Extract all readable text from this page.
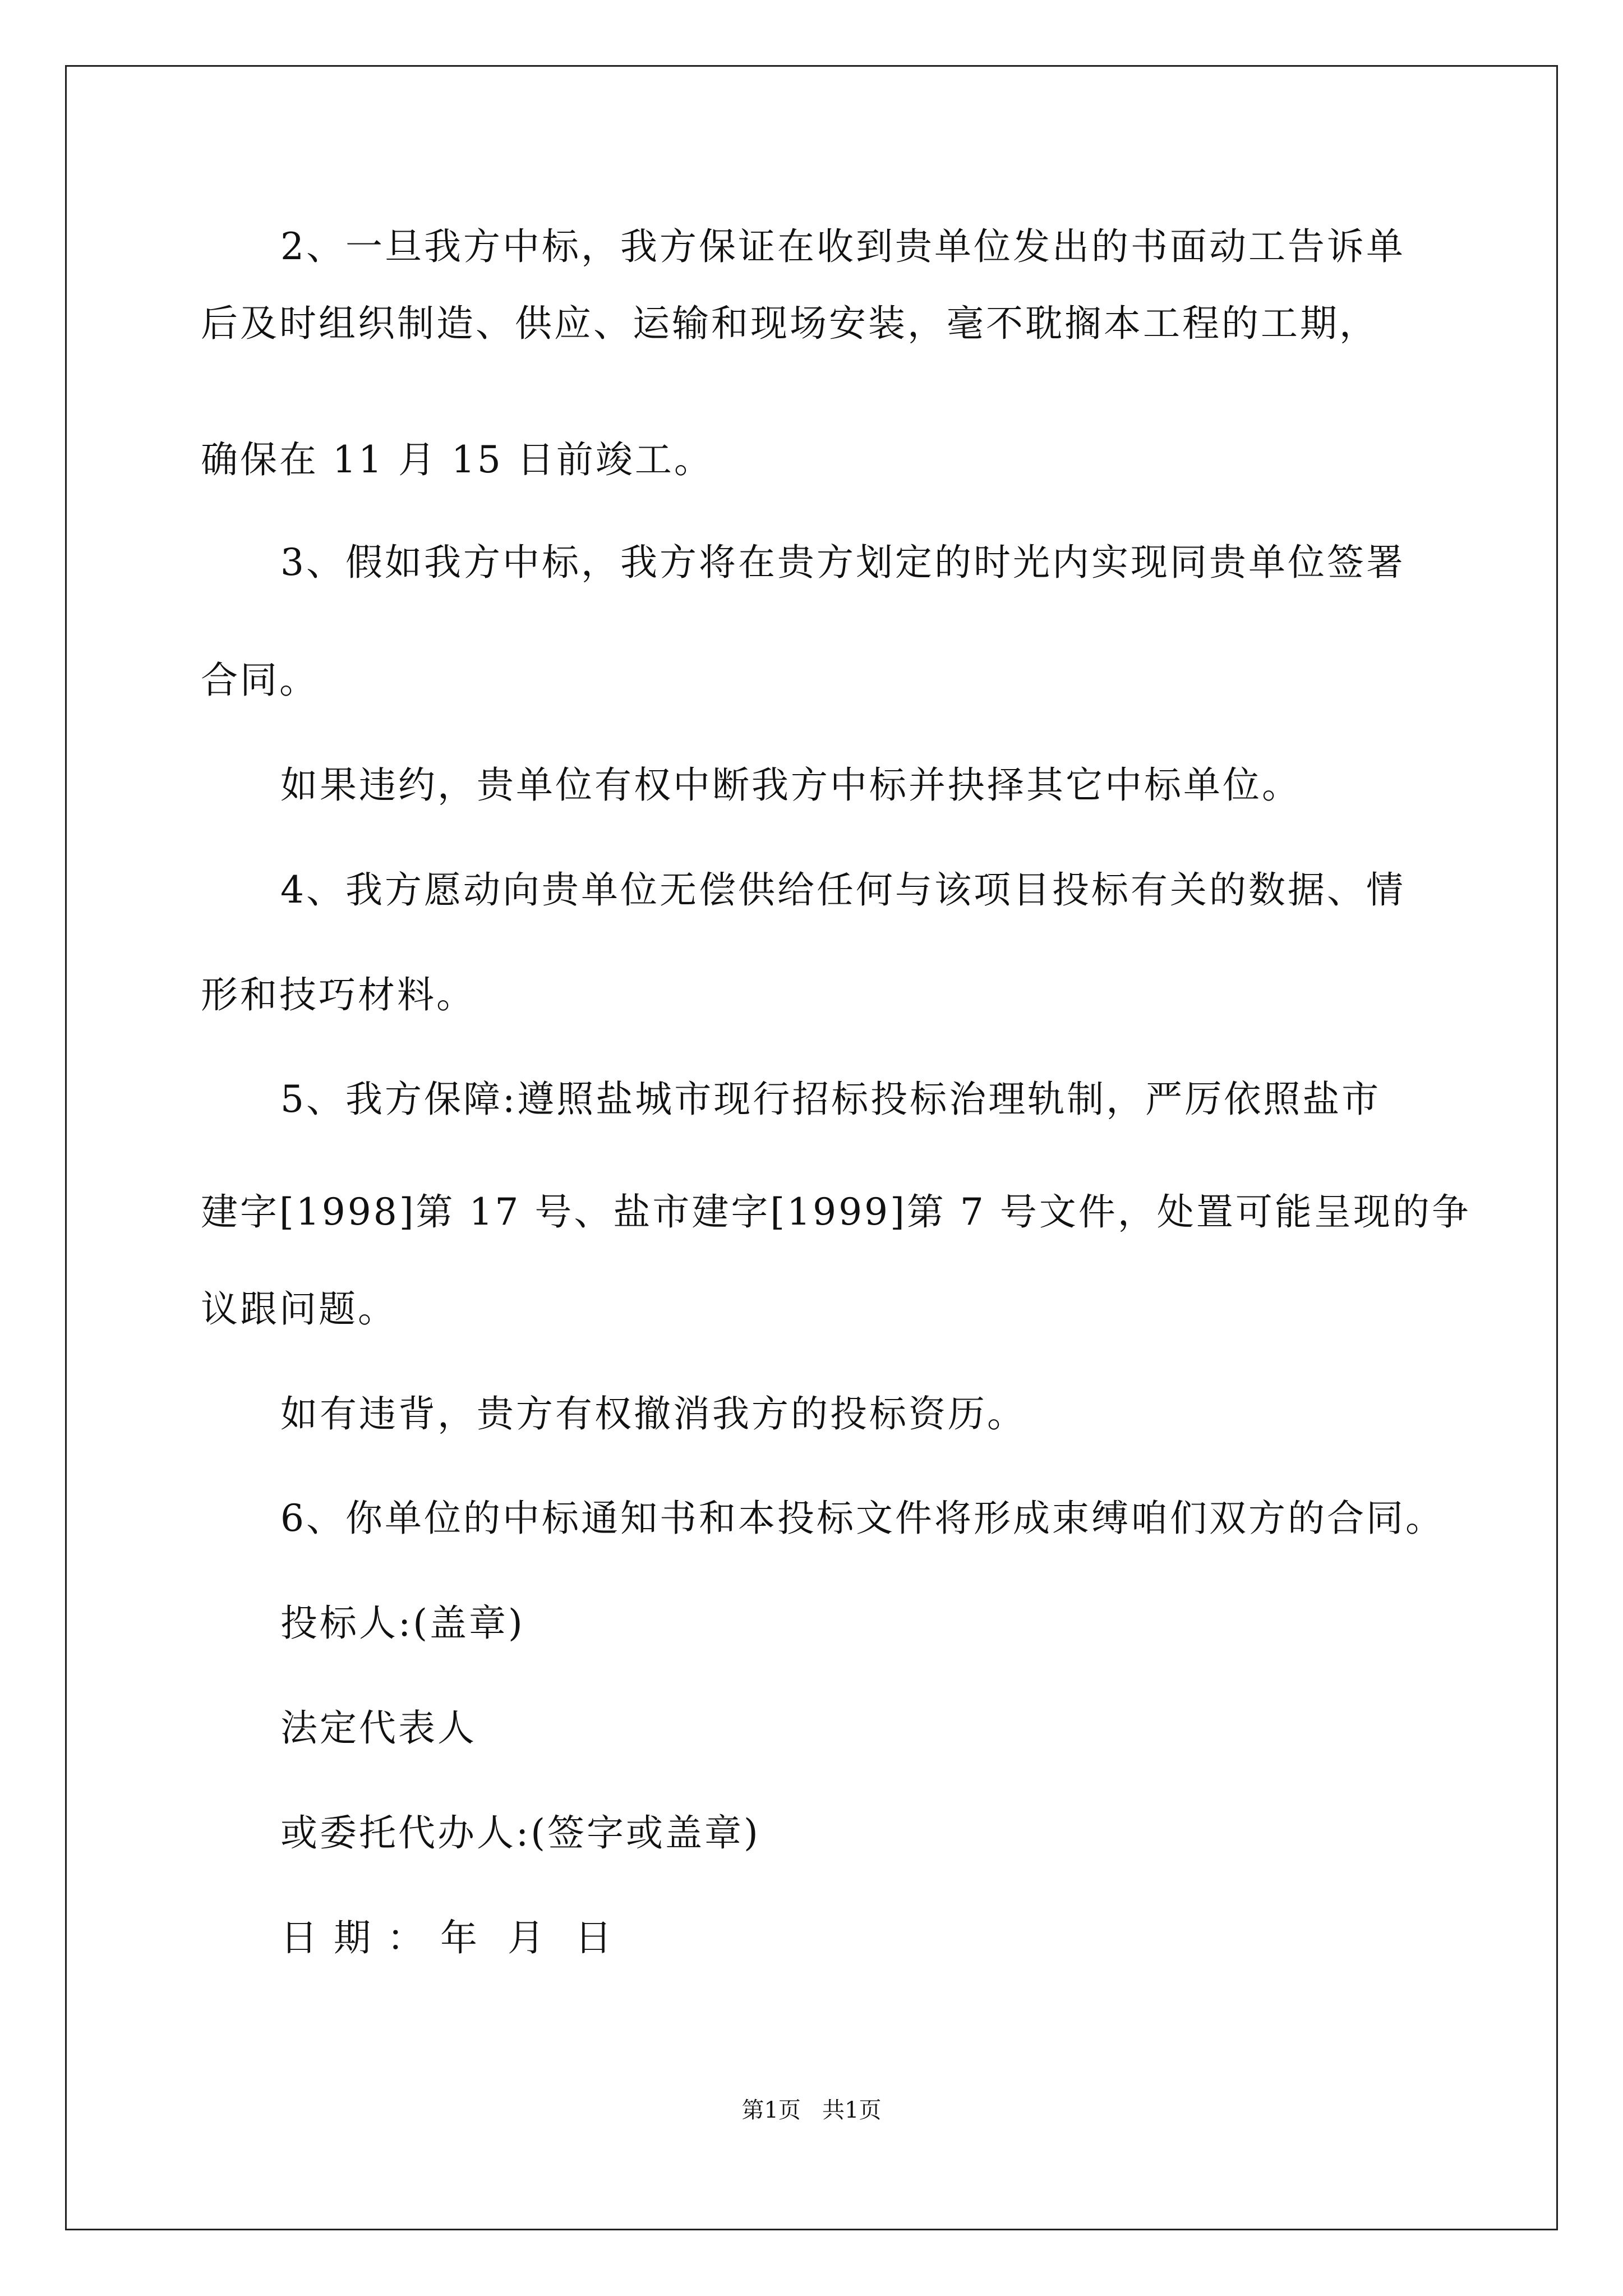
2、一旦我方中标，我方保证在收到贵单位发出的书面动工告诉单

后及时组织制造、供应、运输和现场安装，毫不耽搁本工程的工期，

确保在 11 月 15 日前竣工。

3、假如我方中标，我方将在贵方划定的时光内实现同贵单位签署

合同。

如果违约，贵单位有权中断我方中标并抉择其它中标单位。

4、我方愿动向贵单位无偿供给任何与该项目投标有关的数据、情

形和技巧材料。

5、我方保障:遵照盐城市现行招标投标治理轨制，严厉依照盐市

建字[1998]第 17 号、盐市建字[1999]第 7 号文件，处置可能呈现的争

议跟问题。

如有违背，贵方有权撤消我方的投标资历。

6、你单位的中标通知书和本投标文件将形成束缚咱们双方的合同。

投标人:(盖章)

法定代表人

或委托代办人:(签字或盖章)

日 期 ： 年  月  日

第1页   共1页
